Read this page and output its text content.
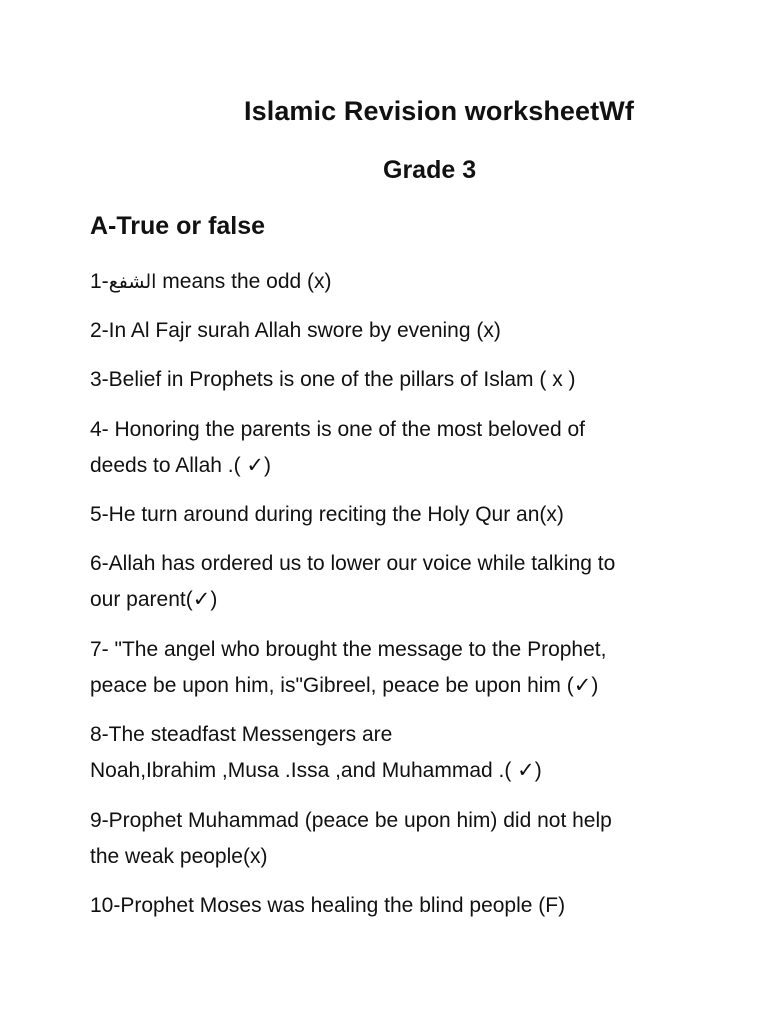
Islamic Revision worksheetWf
Grade 3
A-True or false
1-الشفع means the odd (x)
2-In Al Fajr surah Allah swore by evening (x)
3-Belief in Prophets is one of the pillars of Islam ( x )
4- Honoring the parents is one of the most beloved of
deeds to Allah .( ✓)
5-He turn around during reciting the Holy Qur an(x)
6-Allah has ordered us to lower our voice while talking to
our parent(✓)
7- "The angel who brought the message to the Prophet,
peace be upon him, is"Gibreel, peace be upon him (✓)
8-The steadfast Messengers are
Noah,Ibrahim ,Musa .Issa ,and Muhammad .( ✓)
9-Prophet Muhammad (peace be upon him) did not help
the weak people(x)
10-Prophet Moses was healing the blind people (F)
